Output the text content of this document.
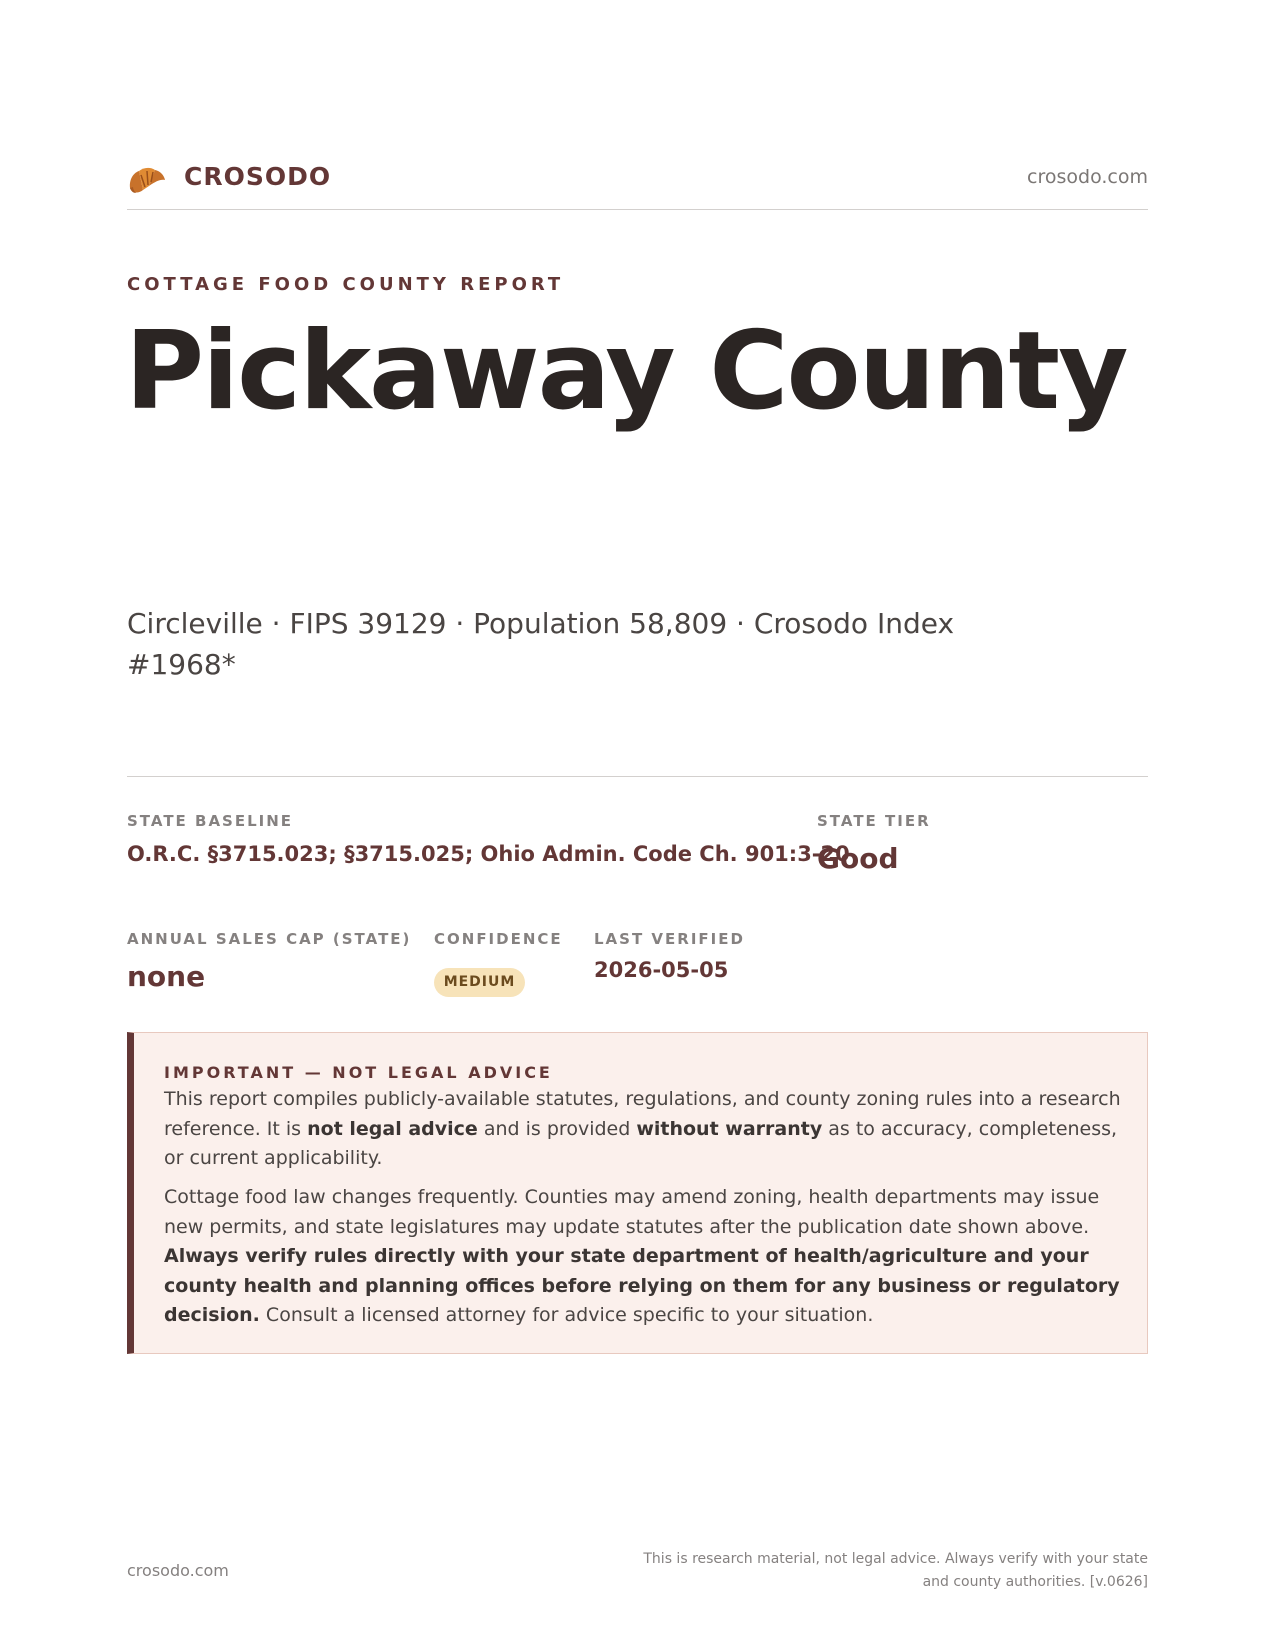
CROSODO	crosodo.com
COTTAGE FOOD COUNTY REPORT
Pickaway County
Circleville · FIPS 39129 · Population 58,809 · Crosodo Index #1968*
STATE BASELINE
O.R.C. §3715.023; §3715.025; Ohio Admin. Code Ch. 901:3-20
STATE TIER
Good
ANNUAL SALES CAP (STATE)
none
CONFIDENCE
MEDIUM
LAST VERIFIED
2026-05-05
IMPORTANT — NOT LEGAL ADVICE

This report compiles publicly-available statutes, regulations, and county zoning rules into a research reference. It is not legal advice and is provided without warranty as to accuracy, completeness, or current applicability.

Cottage food law changes frequently. Counties may amend zoning, health departments may issue new permits, and state legislatures may update statutes after the publication date shown above. Always verify rules directly with your state department of health/agriculture and your county health and planning offices before relying on them for any business or regulatory decision. Consult a licensed attorney for advice specific to your situation.

crosodo.com
This is research material, not legal advice. Always verify with your state
and county authorities. [v.0626]
